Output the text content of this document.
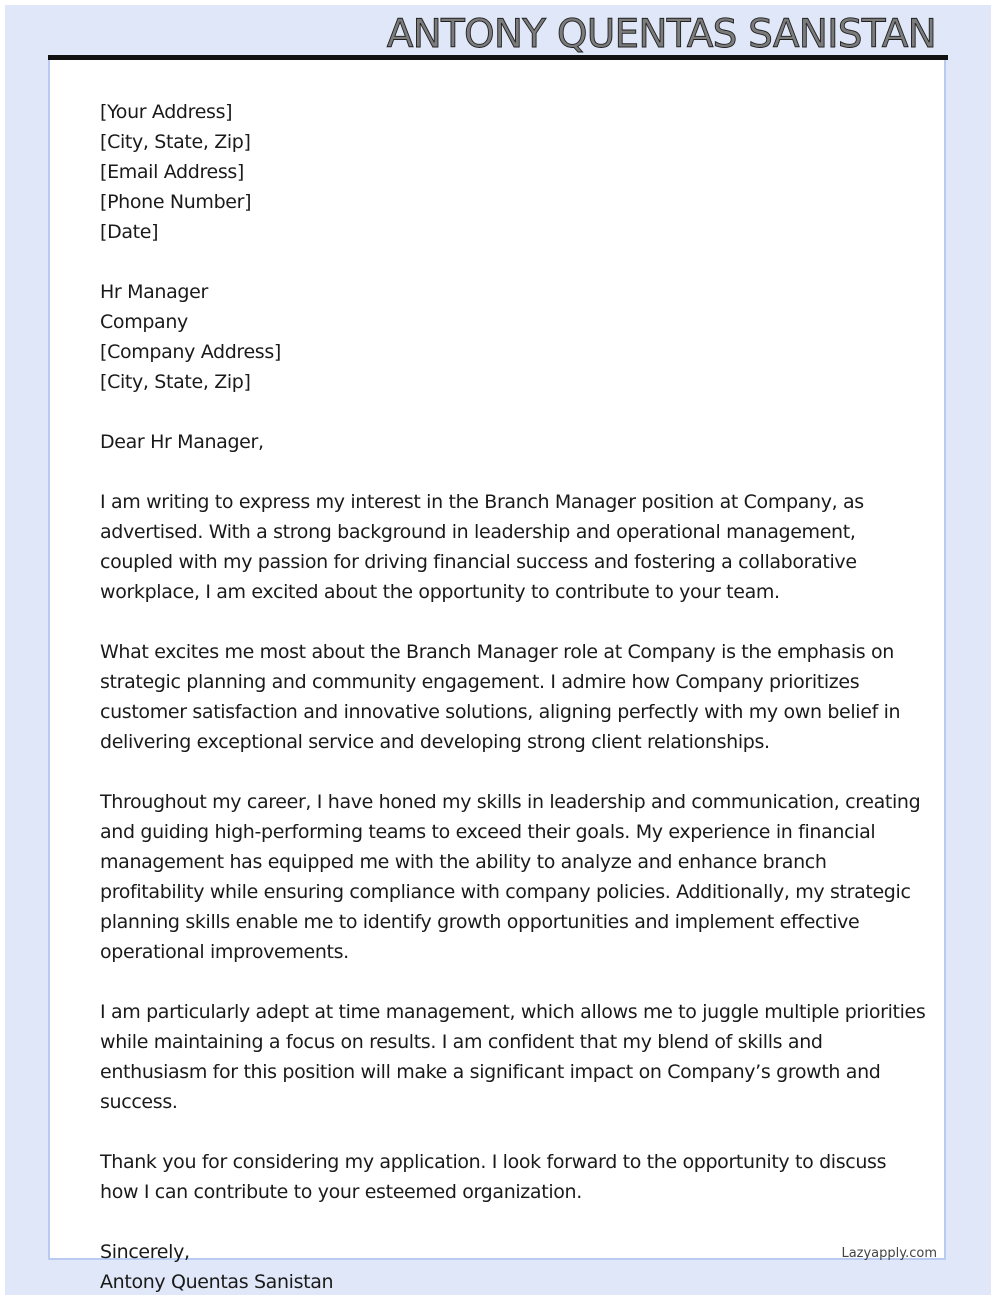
ANTONY QUENTAS SANISTAN
[Your Address]
[City, State, Zip]
[Email Address]
[Phone Number]
[Date]
Hr Manager
Company
[Company Address]
[City, State, Zip]
Dear Hr Manager,
I am writing to express my interest in the Branch Manager position at Company, as
advertised. With a strong background in leadership and operational management,
coupled with my passion for driving financial success and fostering a collaborative
workplace, I am excited about the opportunity to contribute to your team.
What excites me most about the Branch Manager role at Company is the emphasis on
strategic planning and community engagement. I admire how Company prioritizes
customer satisfaction and innovative solutions, aligning perfectly with my own belief in
delivering exceptional service and developing strong client relationships.
Throughout my career, I have honed my skills in leadership and communication, creating
and guiding high-performing teams to exceed their goals. My experience in financial
management has equipped me with the ability to analyze and enhance branch
profitability while ensuring compliance with company policies. Additionally, my strategic
planning skills enable me to identify growth opportunities and implement effective
operational improvements.
I am particularly adept at time management, which allows me to juggle multiple priorities
while maintaining a focus on results. I am confident that my blend of skills and
enthusiasm for this position will make a significant impact on Company’s growth and
success.
Thank you for considering my application. I look forward to the opportunity to discuss
how I can contribute to your esteemed organization.
Sincerely,
Antony Quentas Sanistan
Lazyapply.com
